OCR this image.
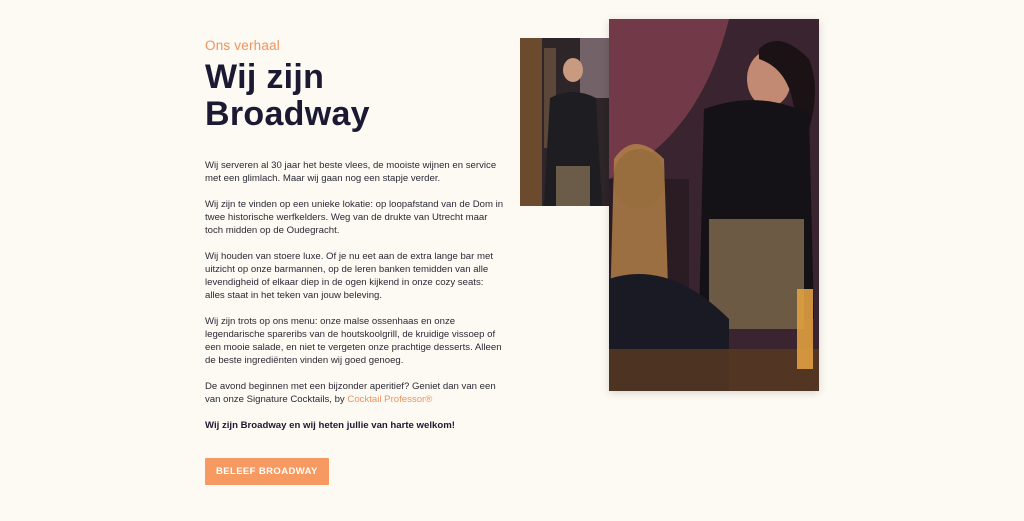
Ons verhaal

Wij zijn
Broadway

Wij serveren al 30 jaar het beste vlees, de mooiste wijnen en service met een glimlach. Maar wij gaan nog een stapje verder.

Wij zijn te vinden op een unieke lokatie: op loopafstand van de Dom in twee historische werfkelders. Weg van de drukte van Utrecht maar toch midden op de Oudegracht.

Wij houden van stoere luxe. Of je nu eet aan de extra lange bar met uitzicht op onze barmannen, op de leren banken temidden van alle levendigheid of elkaar diep in de ogen kijkend in onze cozy seats: alles staat in het teken van jouw beleving.

Wij zijn trots op ons menu: onze malse ossenhaas en onze legendarische spareribs van de houtskoolgrill, de kruidige vissoep of een mooie salade, en niet te vergeten onze prachtige desserts. Alleen de beste ingrediënten vinden wij goed genoeg.

De avond beginnen met een bijzonder aperitief? Geniet dan van een van onze Signature Cocktails, by Cocktail Professor®

Wij zijn Broadway en wij heten jullie van harte welkom!

BELEEF BROADWAY
